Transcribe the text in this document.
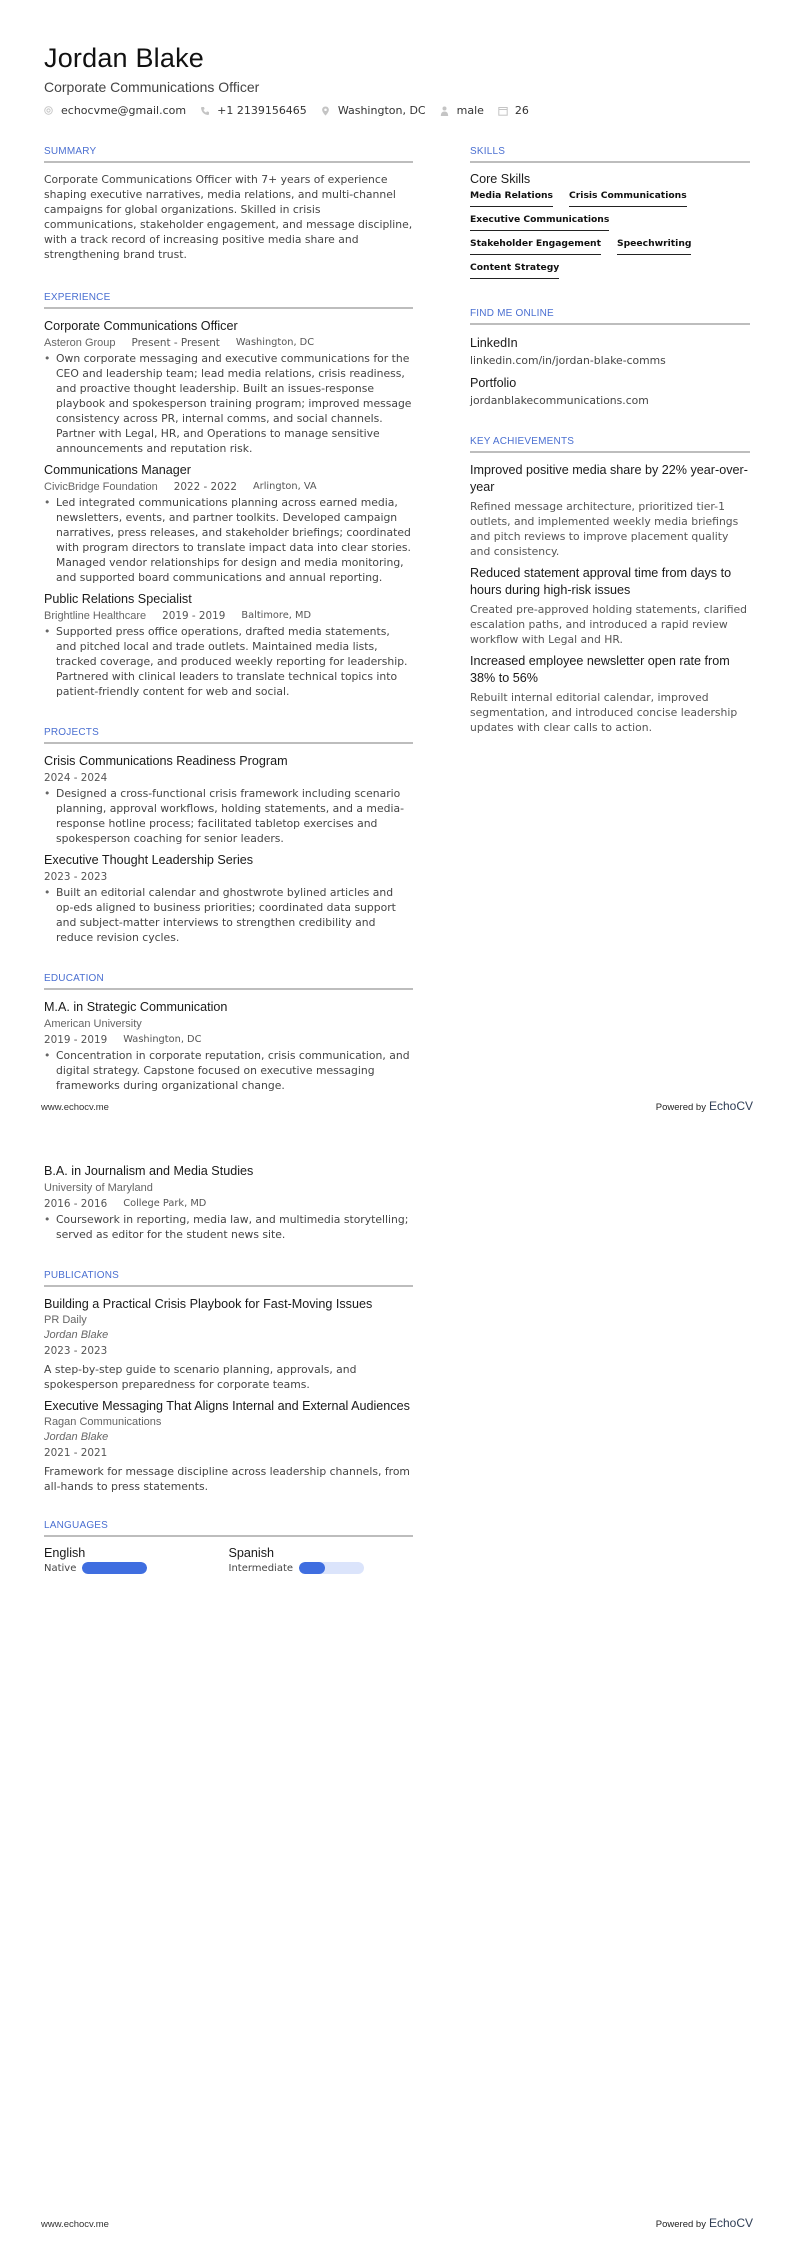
Jordan Blake
Corporate Communications Officer
echocvme@gmail.com	+1 2139156465	Washington, DC	male	26
SUMMARY

Corporate Communications Officer with 7+ years of experience shaping executive narratives, media relations, and multi-channel campaigns for global organizations. Skilled in crisis communications, stakeholder engagement, and message discipline, with a track record of increasing positive media share and strengthening brand trust.

EXPERIENCE
Corporate Communications Officer
Asteron Group Present - Present Washington, DC
• Own corporate messaging and executive communications for the CEO and leadership team; lead media relations, crisis readiness, and proactive thought leadership. Built an issues-response playbook and spokesperson training program; improved message consistency across PR, internal comms, and social channels. Partner with Legal, HR, and Operations to manage sensitive announcements and reputation risk.
Communications Manager
CivicBridge Foundation 2022 - 2022 Arlington, VA
• Led integrated communications planning across earned media, newsletters, events, and partner toolkits. Developed campaign narratives, press releases, and stakeholder briefings; coordinated with program directors to translate impact data into clear stories. Managed vendor relationships for design and media monitoring, and supported board communications and annual reporting.
Public Relations Specialist
Brightline Healthcare 2019 - 2019 Baltimore, MD
• Supported press office operations, drafted media statements, and pitched local and trade outlets. Maintained media lists, tracked coverage, and produced weekly reporting for leadership. Partnered with clinical leaders to translate technical topics into patient-friendly content for web and social.
PROJECTS
Crisis Communications Readiness Program
2024 - 2024
• Designed a cross-functional crisis framework including scenario planning, approval workflows, holding statements, and a media-response hotline process; facilitated tabletop exercises and spokesperson coaching for senior leaders.
Executive Thought Leadership Series
2023 - 2023
• Built an editorial calendar and ghostwrote bylined articles and op-eds aligned to business priorities; coordinated data support and subject-matter interviews to strengthen credibility and reduce revision cycles.
EDUCATION
M.A. in Strategic Communication
American University
2019 - 2019 Washington, DC
• Concentration in corporate reputation, crisis communication, and digital strategy. Capstone focused on executive messaging frameworks during organizational change.
SKILLS
Core Skills
Media Relations Crisis Communications
Executive Communications
Stakeholder Engagement Speechwriting
Content Strategy
FIND ME ONLINE
LinkedIn
linkedin.com/in/jordan-blake-comms
Portfolio
jordanblakecommunications.com
KEY ACHIEVEMENTS
Improved positive media share by 22% year-over-year
Refined message architecture, prioritized tier-1 outlets, and implemented weekly media briefings and pitch reviews to improve placement quality and consistency.
Reduced statement approval time from days to hours during high-risk issues
Created pre-approved holding statements, clarified escalation paths, and introduced a rapid review workflow with Legal and HR.
Increased employee newsletter open rate from 38% to 56%
Rebuilt internal editorial calendar, improved segmentation, and introduced concise leadership updates with clear calls to action.
www.echocv.me	Powered by EchoCV
B.A. in Journalism and Media Studies
University of Maryland
2016 - 2016 College Park, MD
• Coursework in reporting, media law, and multimedia storytelling; served as editor for the student news site.
PUBLICATIONS
Building a Practical Crisis Playbook for Fast-Moving Issues
PR Daily
Jordan Blake
2023 - 2023

A step-by-step guide to scenario planning, approvals, and spokesperson preparedness for corporate teams.

Executive Messaging That Aligns Internal and External Audiences
Ragan Communications
Jordan Blake
2021 - 2021

Framework for message discipline across leadership channels, from all-hands to press statements.

LANGUAGES
English
Native
Spanish
Intermediate
www.echocv.me	Powered by EchoCV
